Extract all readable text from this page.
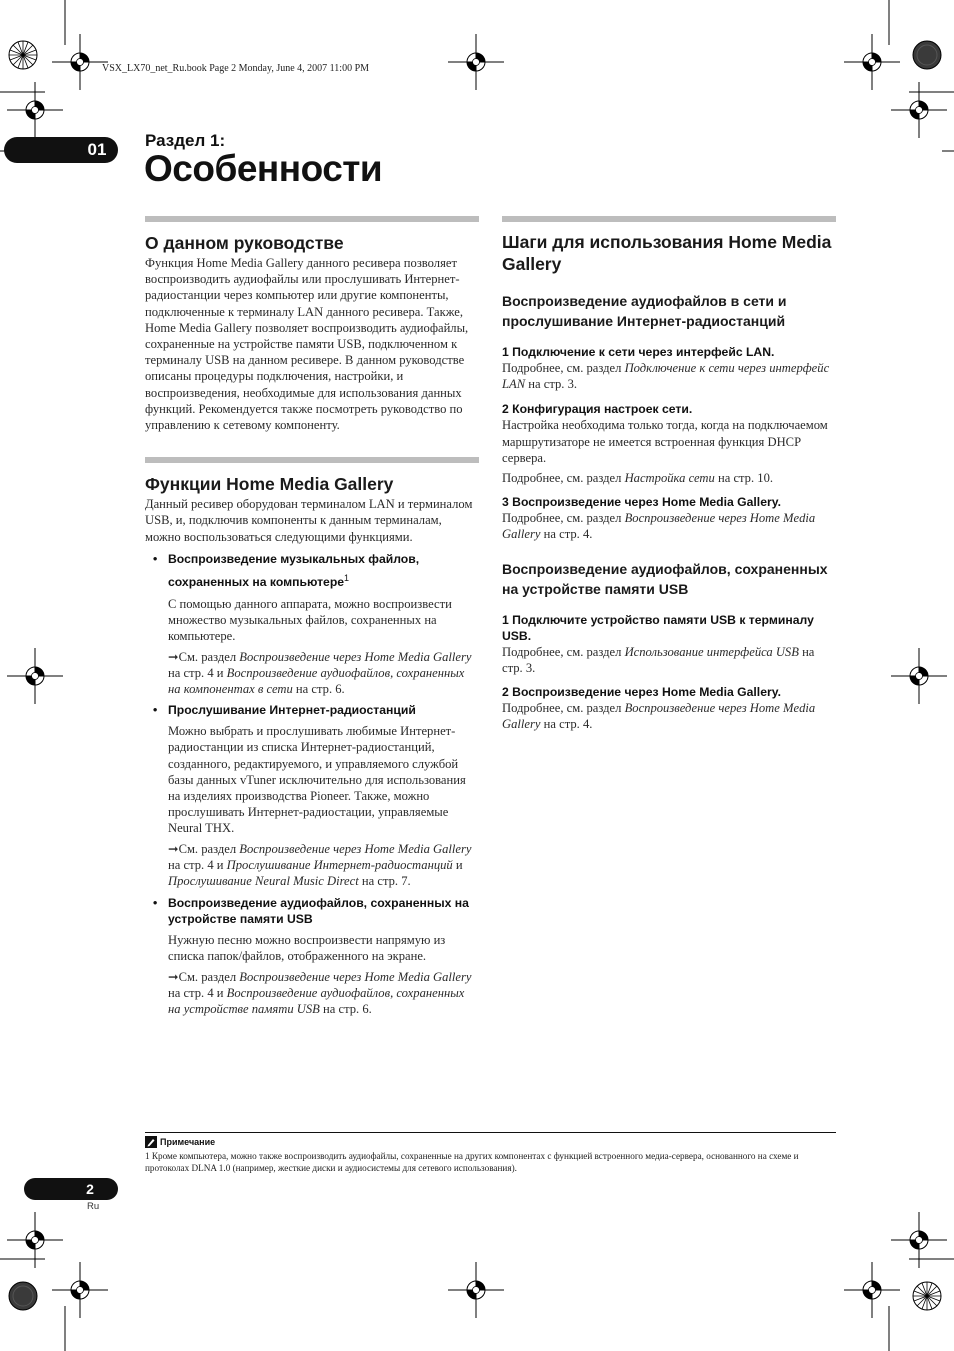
VSX_LX70_net_Ru.book Page 2 Monday, June 4, 2007 11:00 PM
01	Раздел 1:
Особенности
О данном руководстве

Функция Home Media Gallery данного ресивера позволяет воспроизводить аудиофайлы или прослушивать Интернет-радиостанции через компьютер или другие компоненты, подключенные к терминалу LAN данного ресивера. Также, Home Media Gallery позволяет воспроизводить аудиофайлы, сохраненные на устройстве памяти USB, подключенном к терминалу USB на данном ресивере. В данном руководстве описаны процедуры подключения, настройки, и воспроизведения, необходимые для использования данных функций. Рекомендуется также посмотреть руководство по управлению к сетевому компоненту.

Функции Home Media Gallery

Данный ресивер оборудован терминалом LAN и терминалом USB, и, подключив компоненты к данным терминалам, можно воспользоваться следующими функциями.

• Воспроизведение музыкальных файлов, сохраненных на компьютере$^1$

С помощью данного аппарата, можно воспроизвести множество музыкальных файлов, сохраненных на компьютере.

➞См. раздел Воспроизведение через Home Media Gallery на стр. 4 и Воспроизведение аудиофайлов, сохраненных на компонентах в сети на стр. 6.

• Прослушивание Интернет-радиостанций

Можно выбрать и прослушивать любимые Интернет-радиостанции из списка Интернет-радиостанций, созданного, редактируемого, и управляемого службой базы данных vTuner исключительно для использования на изделиях производства Pioneer. Также, можно прослушивать Интернет-радиостации, управляемые Neural THX.

➞См. раздел Воспроизведение через Home Media Gallery на стр. 4 и Прослушивание Интернет-радиостанций и Прослушивание Neural Music Direct на стр. 7.

• Воспроизведение аудиофайлов, сохраненных на устройстве памяти USB

Нужную песню можно воспроизвести напрямую из списка папок/файлов, отображенного на экране.

➞См. раздел Воспроизведение через Home Media Gallery на стр. 4 и Воспроизведение аудиофайлов, сохраненных на устройстве памяти USB на стр. 6.

Шаги для использования Home Media Gallery
Воспроизведение аудиофайлов в сети и прослушивание Интернет-радиостанций
1 Подключение к сети через интерфейс LAN.

Подробнее, см. раздел Подключение к сети через интерфейс LAN на стр. 3.

2 Конфигурация настроек сети.

Настройка необходима только тогда, когда на подключаемом маршрутизаторе не имеется встроенная функция DHCP сервера.

Подробнее, см. раздел Настройка сети на стр. 10.

3 Воспроизведение через Home Media Gallery.

Подробнее, см. раздел Воспроизведение через Home Media Gallery на стр. 4.

Воспроизведение аудиофайлов, сохраненных на устройстве памяти USB
1 Подключите устройство памяти USB к терминалу USB.

Подробнее, см. раздел Использование интерфейса USB на стр. 3.

2 Воспроизведение через Home Media Gallery.

Подробнее, см. раздел Воспроизведение через Home Media Gallery на стр. 4.

Примечание

1 Кроме компьютера, можно также воспроизводить аудиофайлы, сохраненные на других компонентах с функцией встроенного медиа-сервера, основанного на схеме и протоколах DLNA 1.0 (например, жесткие диски и аудиосистемы для сетевого использования).

2
Ru
